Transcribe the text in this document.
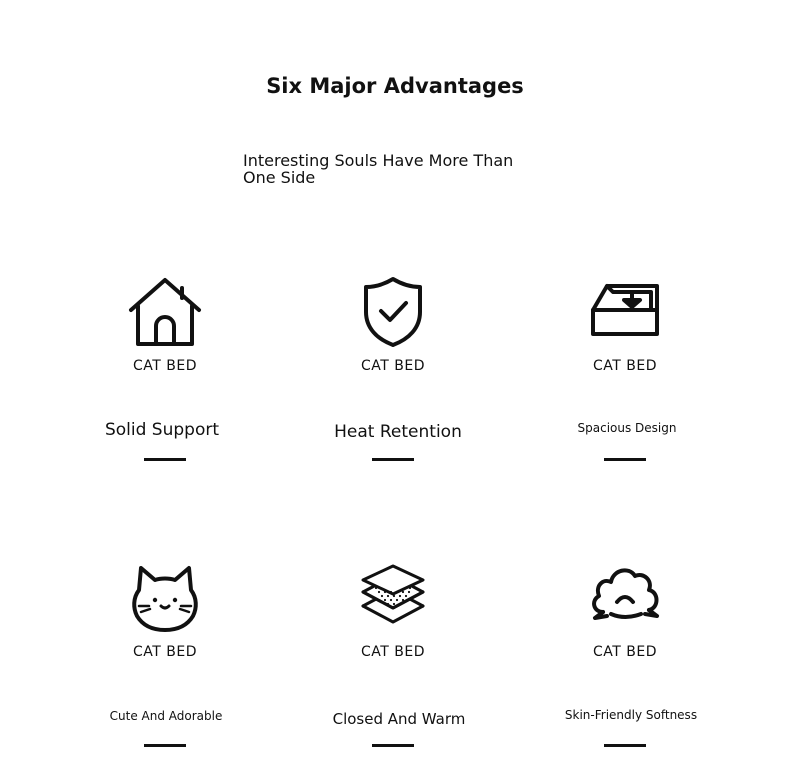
Six Major Advantages
Interesting Souls Have More Than One Side
CAT BED
Solid Support
CAT BED
Heat Retention
CAT BED
Spacious Design
CAT BED
Cute And Adorable
CAT BED
Closed And Warm
CAT BED
Skin-Friendly Softness
